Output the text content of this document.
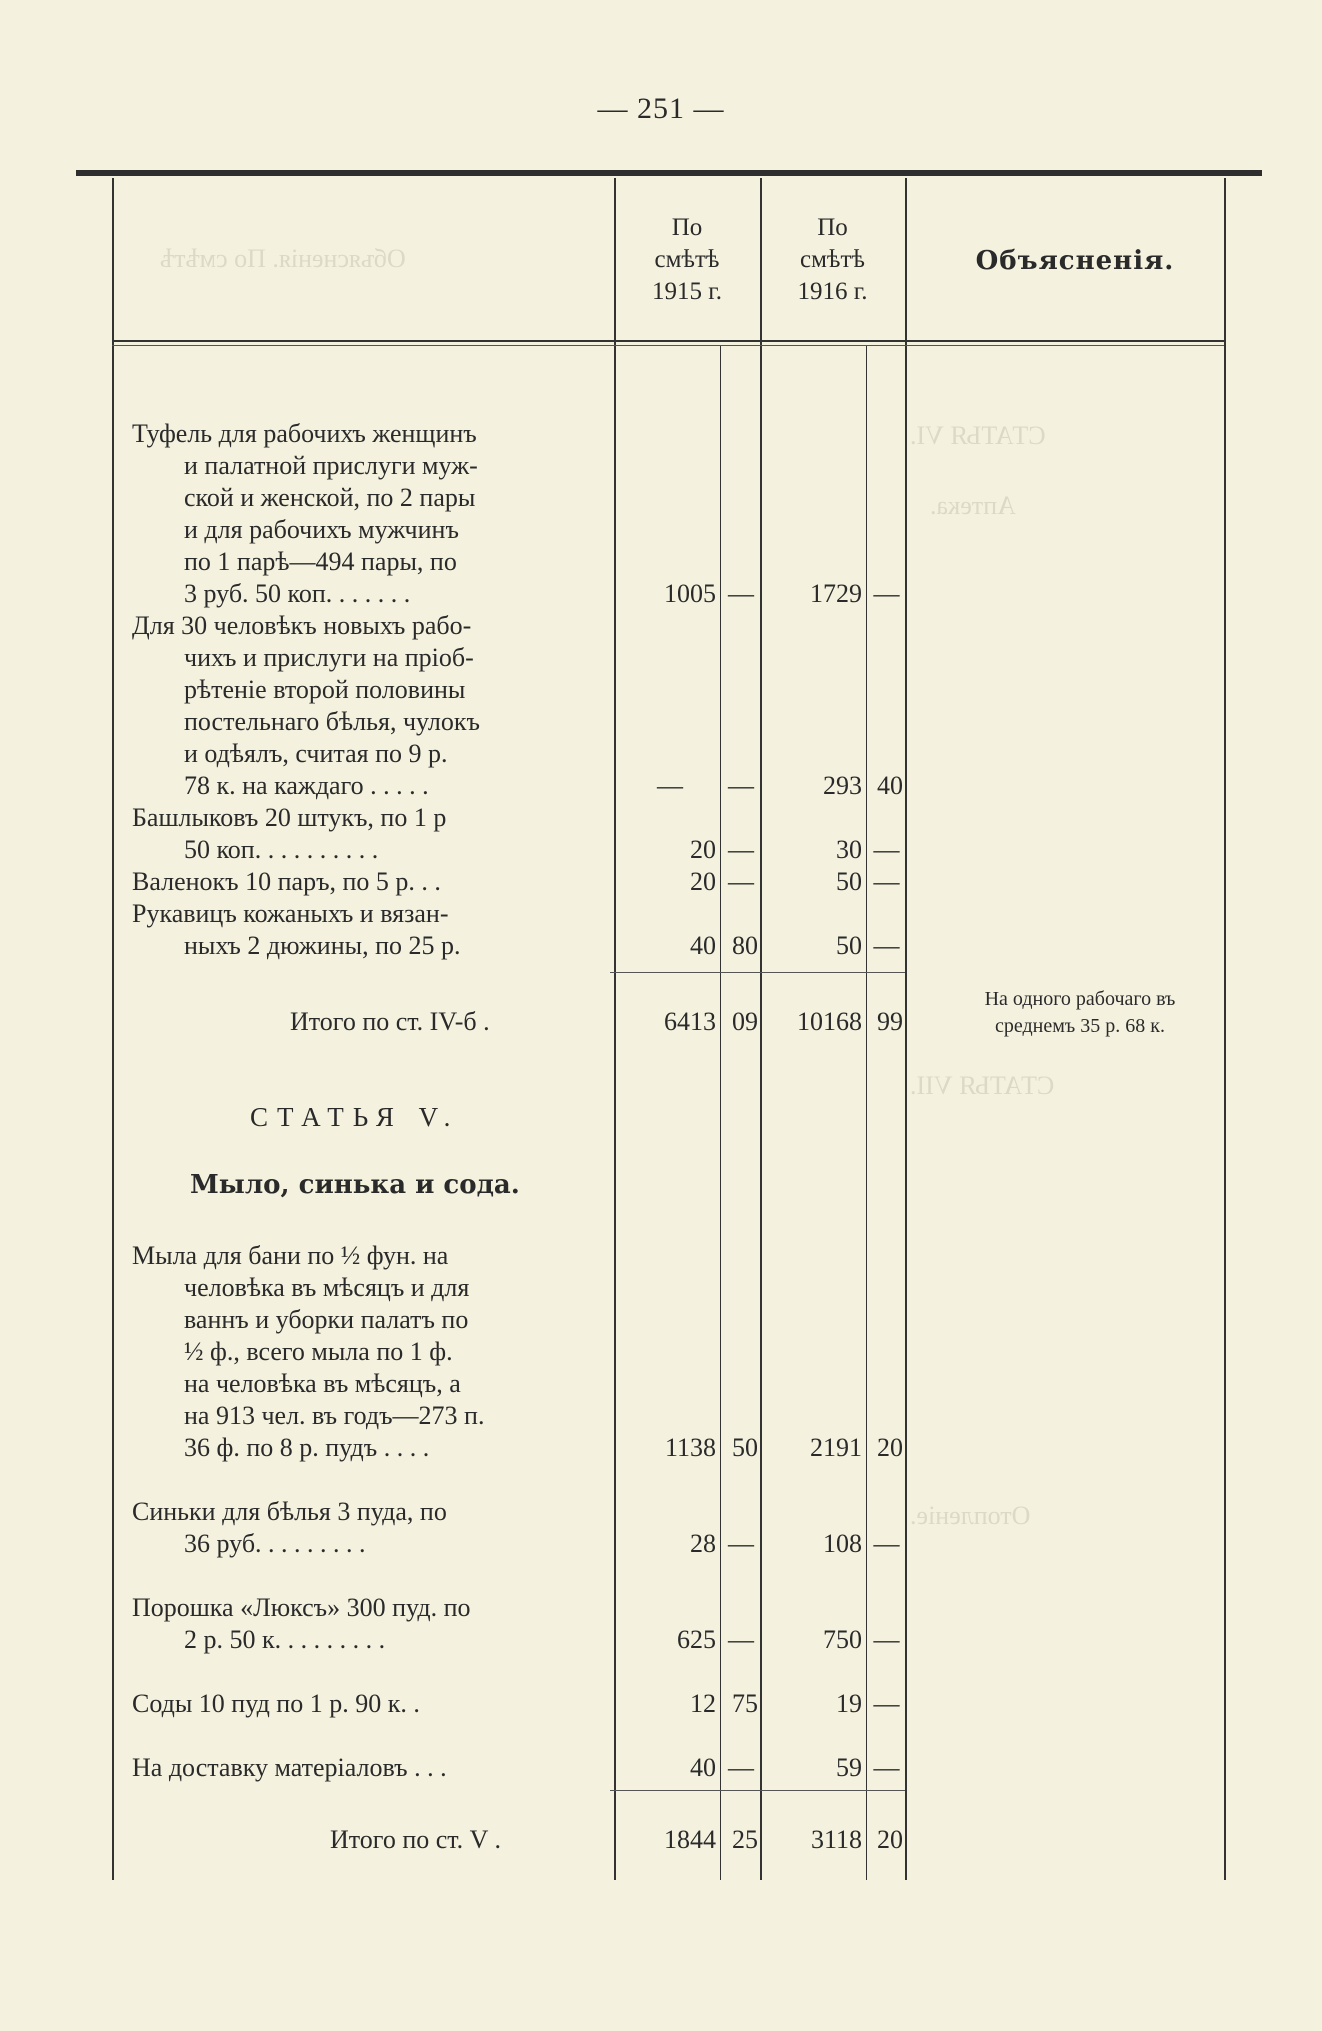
— 251 —
Объясненія. По смѣтѣ
СТАТЬЯ VI.
Аптека.
СТАТЬЯ VII.
Отопленіе.
По
смѣтѣ
1915 г.
По
смѣтѣ
1916 г.
Объясненія.
Туфель для рабочихъ женщинъ
и палатной прислуги муж-
ской и женской, по 2 пары
и для рабочихъ мужчинъ
по 1 парѣ—494 пары, по
3 руб. 50 коп. . . . . . .	1005 —	1729 —
Для 30 человѣкъ новыхъ рабо-
чихъ и прислуги на пріоб-
рѣтеніе второй половины
постельнаго бѣлья, чулокъ
и одѣялъ, считая по 9 р.
78 к. на каждаго . . . . .	—	—	293 40
Башлыковъ 20 штукъ, по 1 р
50 коп. . . . . . . . . .	20 —	30 —
Валенокъ 10 паръ, по 5 р. . .	20 —	50 —
Рукавицъ кожаныхъ и вязан-
ныхъ 2 дюжины, по 25 р.	40 80	50 —
Итого по ст. IV-б .	6413 09	10168 99
На одного рабочаго въ
среднемъ 35 р. 68 к.
СТАТЬЯ V.
Мыло, синька и сода.
Мыла для бани по ½ фун. на
человѣка въ мѣсяцъ и для
ваннъ и уборки палатъ по
½ ф., всего мыла по 1 ф.
на человѣка въ мѣсяцъ, а
на 913 чел. въ годъ—273 п.
36 ф. по 8 р. пудъ . . . .	1138 50	2191 20
Синьки для бѣлья 3 пуда, по
36 руб. . . . . . . . .	28 —	108 —
Порошка «Люксъ» 300 пуд. по
2 р. 50 к. . . . . . . . .	625 —	750 —
Соды 10 пуд по 1 р. 90 к. .	12 75	19 —
На доставку матеріаловъ . . .	40 —	59 —
Итого по ст. V .	1844 25	3118 20
